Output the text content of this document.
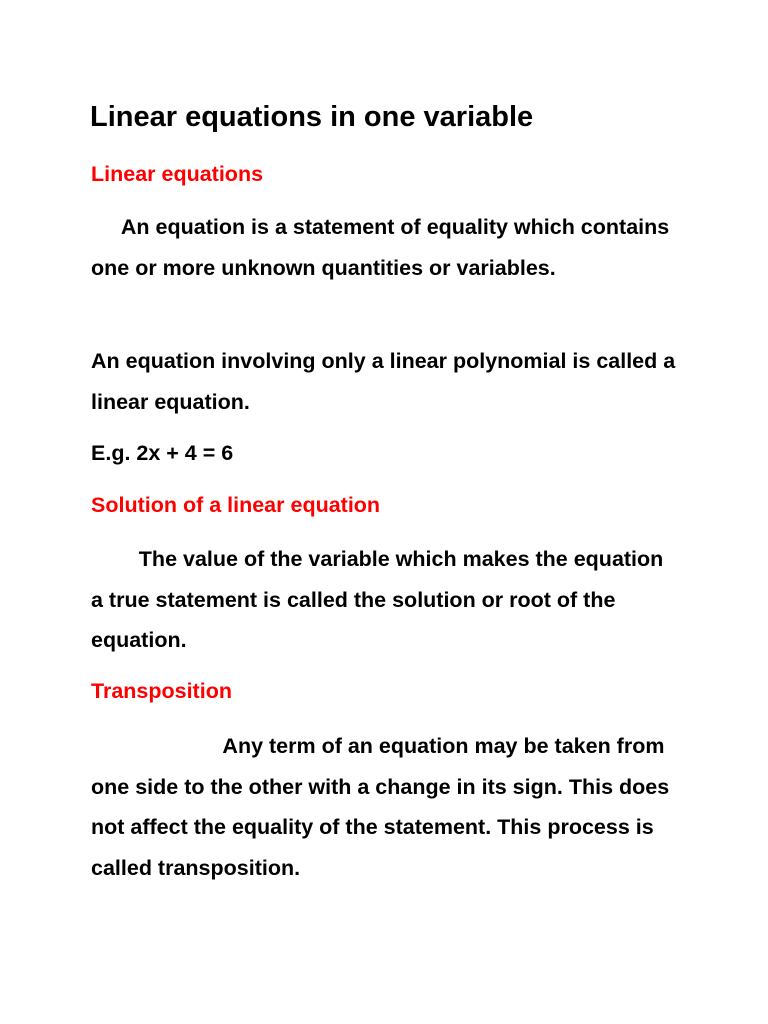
Linear equations in one variable
Linear equations

An equation is a statement of equality which contains one or more unknown quantities or variables.

An equation involving only a linear polynomial is called a linear equation.

E.g. 2x + 4 = 6

Solution of a linear equation

The value of the variable which makes the equation a true statement is called the solution or root of the equation.

Transposition

Any term of an equation may be taken from one side to the other with a change in its sign. This does not affect the equality of the statement. This process is called transposition.
